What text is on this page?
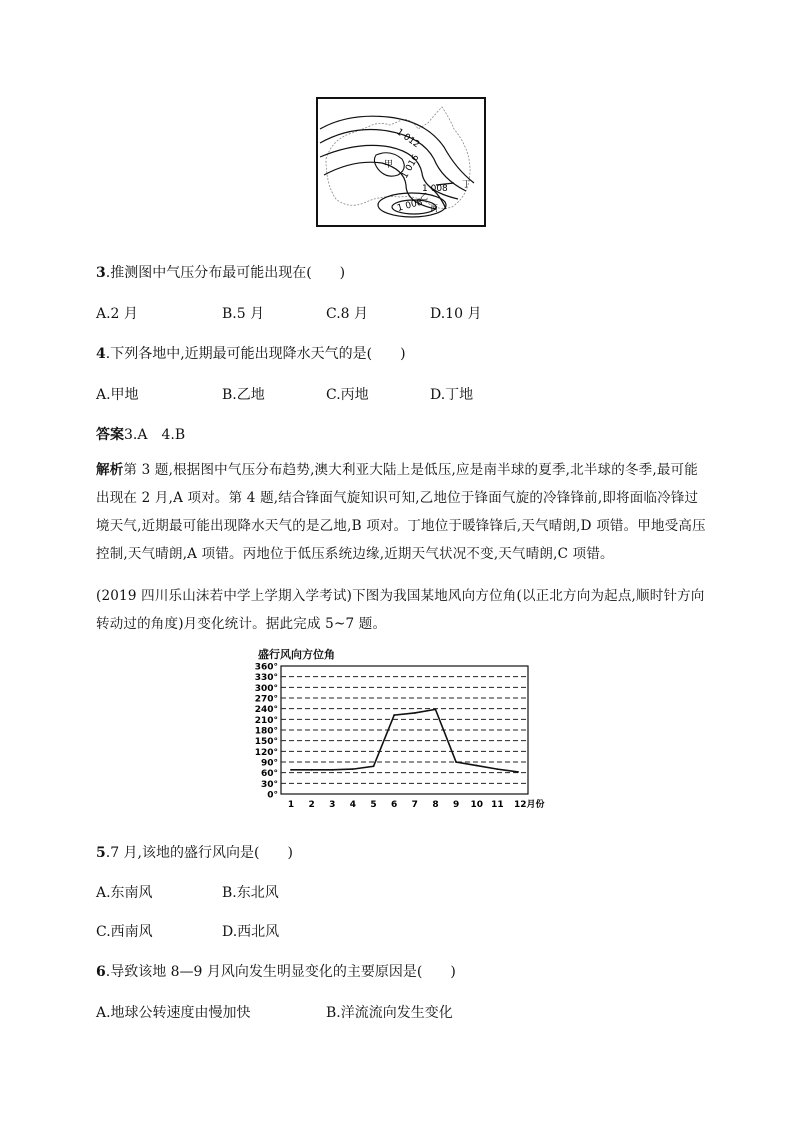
1 012
1 016
1 008
1 008
甲
乙
丙
丁
3.推测图中气压分布最可能出现在(　　)
A.2 月	B.5 月	C.8 月	D.10 月
4.下列各地中,近期最可能出现降水天气的是(　　)
A.甲地	B.乙地	C.丙地	D.丁地
答案3.A　4.B
解析第 3 题,根据图中气压分布趋势,澳大利亚大陆上是低压,应是南半球的夏季,北半球的冬季,最可能出现在 2 月,A 项对。第 4 题,结合锋面气旋知识可知,乙地位于锋面气旋的冷锋锋前,即将面临冷锋过境天气,近期最可能出现降水天气的是乙地,B 项对。丁地位于暖锋锋后,天气晴朗,D 项错。甲地受高压控制,天气晴朗,A 项错。丙地位于低压系统边缘,近期天气状况不变,天气晴朗,C 项错。
(2019 四川乐山沫若中学上学期入学考试)下图为我国某地风向方位角(以正北方向为起点,顺时针方向转动过的角度)月变化统计。据此完成 5~7 题。
盛行风向方位角
0°
30°
60°
90°
120°
150°
180°
210°
240°
270°
300°
330°
360°
1 2 3 4 5 6 7 8 9 10 11 12月份
5.7 月,该地的盛行风向是(　　)
A.东南风	B.东北风
C.西南风	D.西北风
6.导致该地 8—9 月风向发生明显变化的主要原因是(　　)
A.地球公转速度由慢加快	B.洋流流向发生变化
